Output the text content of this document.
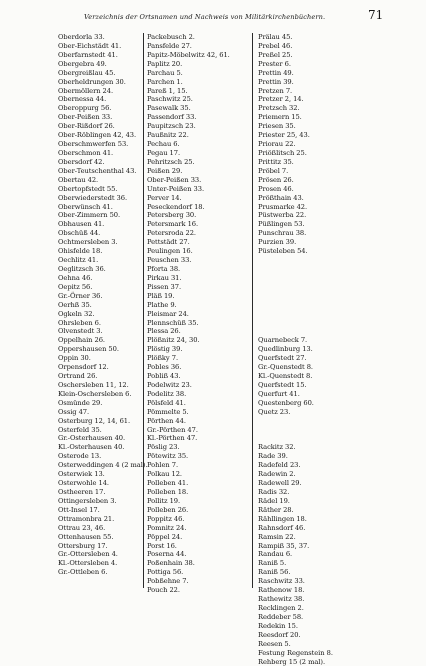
Verzeichnis der Ortsnamen und Nachweis von Militärkirchenbüchern.	71
Oberdorla 33.
Ober-Eichstädt 41.
Oberfarnstedt 41.
Obergebra 49.
Obergreißlau 45.
Oberheldrungen 30.
Obermöllern 24.
Obernessa 44.
Oberoppurg 56.
Ober-Peißen 33.
Ober-Rißdorf 26.
Ober-Röblingen 42, 43.
Oberschmwerfen 53.
Oberschmon 41.
Obersdorf 42.
Ober-Teutschenthal 43.
Obertau 42.
Obertopfstedt 55.
Oberwiederstedt 36.
Oberwünsch 41.
Ober-Zimmern 50.
Obhausen 41.
Obschüß 44.
Ochtmersleben 3.
Ohisfelde 18.
Oechlitz 41.
Oeglitzsch 36.
Oehna 46.
Oepitz 56.
Gr.-Örner 36.
Oerhß 35.
Ogkeln 32.
Ohrsleben 6.
Olvenstedt 3.
Oppelhain 26.
Oppershausen 50.
Oppin 30.
Orpensdorf 12.
Ortrand 26.
Oschersleben 11, 12.
Klein-Oschersleben 6.
Osmünde 29.
Ossig 47.
Osterburg 12, 14, 61.
Osterfeld 35.
Gr.-Osterhausen 40.
Kl.-Osterhausen 40.
Osterode 13.
Osterweddingen 4 (2 mal).
Osterwiek 13.
Osterwohle 14.
Ostheeren 17.
Ottingersleben 3.
Ott-Insel 17.
Ottramonbra 21.
Ottrau 23, 46.
Ottenhausen 55.
Ottersburg 17.
Gr.-Ottersleben 4.
Kl.-Ottersleben 4.
Gr.-Ottleben 6.
Packebusch 2.
Pansfelde 27.
Papitz-Möbelwitz 42, 61.
Paplitz 20.
Parchau 5.
Parchen 1.
Pareß 1, 15.
Paschwitz 25.
Pasewalk 35.
Passendorf 33.
Paupitzsch 23.
Paußnitz 22.
Pechau 6.
Pegau 17.
Pehritzsch 25.
Peißen 29.
Ober-Peißen 33.
Unter-Peißen 33.
Perver 14.
Peseckendorf 18.
Petersberg 30.
Petersmark 16.
Petersroda 22.
Pettstädt 27.
Peulingen 16.
Peuschen 33.
Pforta 38.
Pirkau 31.
Pissen 37.
Pläß 19.
Plathe 9.
Pleismar 24.
Plennschüß 35.
Plessa 26.
Plößnitz 24, 30.
Plöstig 39.
Plößky 7.
Pobles 36.
Pobliß 43.
Podelwitz 23.
Podelitz 38.
Pölsfeld 41.
Pömmelte 5.
Pörthen 44.
Gr.-Pörthen 47.
Kl.-Pörthen 47.
Pöslig 23.
Pötewitz 35.
Pohlen 7.
Polkau 12.
Polleben 41.
Polleben 18.
Pollitz 19.
Polleben 26.
Poppitz 46.
Pomnitz 24.
Pöppel 24.
Porst 16.
Poserna 44.
Poßenhain 38.
Pottiga 56.
Pobßehne 7.
Pouch 22.
Prälau 45.
Prebel 46.
Preßel 25.
Prester 6.
Prettin 49.
Prettin 39.
Pretzen 7.
Pretzer 2, 14.
Pretzsch 32.
Priemern 15.
Priesen 35.
Priester 25, 43.
Priorau 22.
Priößlitsch 25.
Prittitz 35.
Pröbel 7.
Prösen 26.
Prosen 46.
Prößthain 43.
Prusmarke 42.
Püstwerba 22.
Püßlingen 53.
Punschrau 38.
Purzien 39.
Püsteleben 54.
Quarnebeck 7.
Quedlinburg 13.
Querfstedt 27.
Gr.-Quenstedt 8.
Kl.-Quenstedt 8.
Querfstedt 15.
Querfurt 41.
Questenberg 60.
Quetz 23.
Rackitz 32.
Rade 39.
Radefeld 23.
Radewin 2.
Radewell 29.
Radis 32.
Rädel 19.
Räther 28.
Rähllingen 18.
Rahnsdorf 46.
Ramsin 22.
Rampiß 35, 37.
Randau 6.
Raniß 5.
Raniß 56.
Raschwitz 33.
Rathenow 18.
Rathewitz 38.
Recklingen 2.
Reddeber 58.
Redekin 15.
Reesdorf 20.
Reesen 5.
Festung Regenstein 8.
Rehberg 15 (2 mal).
